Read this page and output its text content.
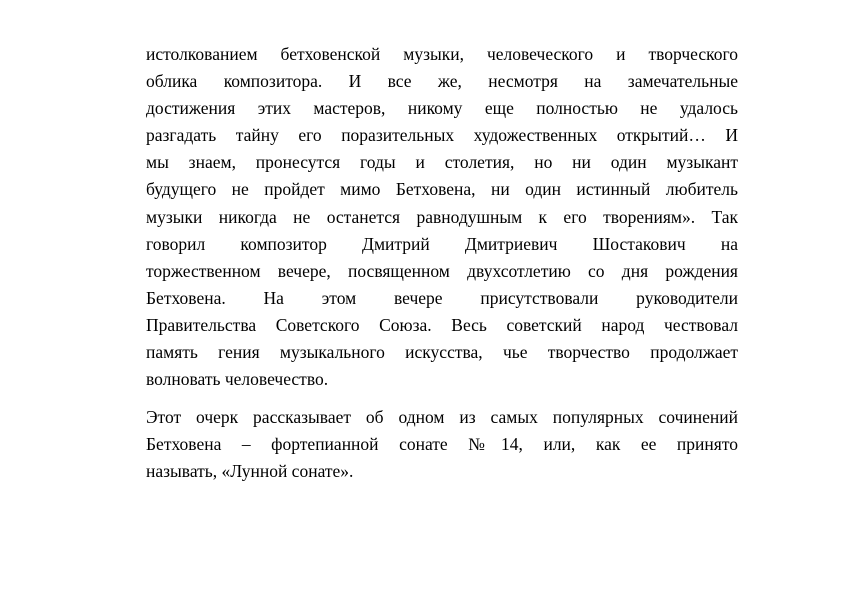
истолкованием бетховенской музыки, человеческого и творческого
облика композитора. И все же, несмотря на замечательные
достижения этих мастеров, никому еще полностью не удалось
разгадать тайну его поразительных художественных открытий… И
мы знаем, пронесутся годы и столетия, но ни один музыкант
будущего не пройдет мимо Бетховена, ни один истинный любитель
музыки никогда не останется равнодушным к его творениям». Так
говорил композитор Дмитрий Дмитриевич Шостакович на
торжественном вечере, посвященном двухсотлетию со дня рождения
Бетховена. На этом вечере присутствовали руководители
Правительства Советского Союза. Весь советский народ чествовал
память гения музыкального искусства, чье творчество продолжает
волновать человечество.
Этот очерк рассказывает об одном из самых популярных сочинений
Бетховена – фортепианной сонате №14, или, как ее принято
называть, «Лунной сонате».
